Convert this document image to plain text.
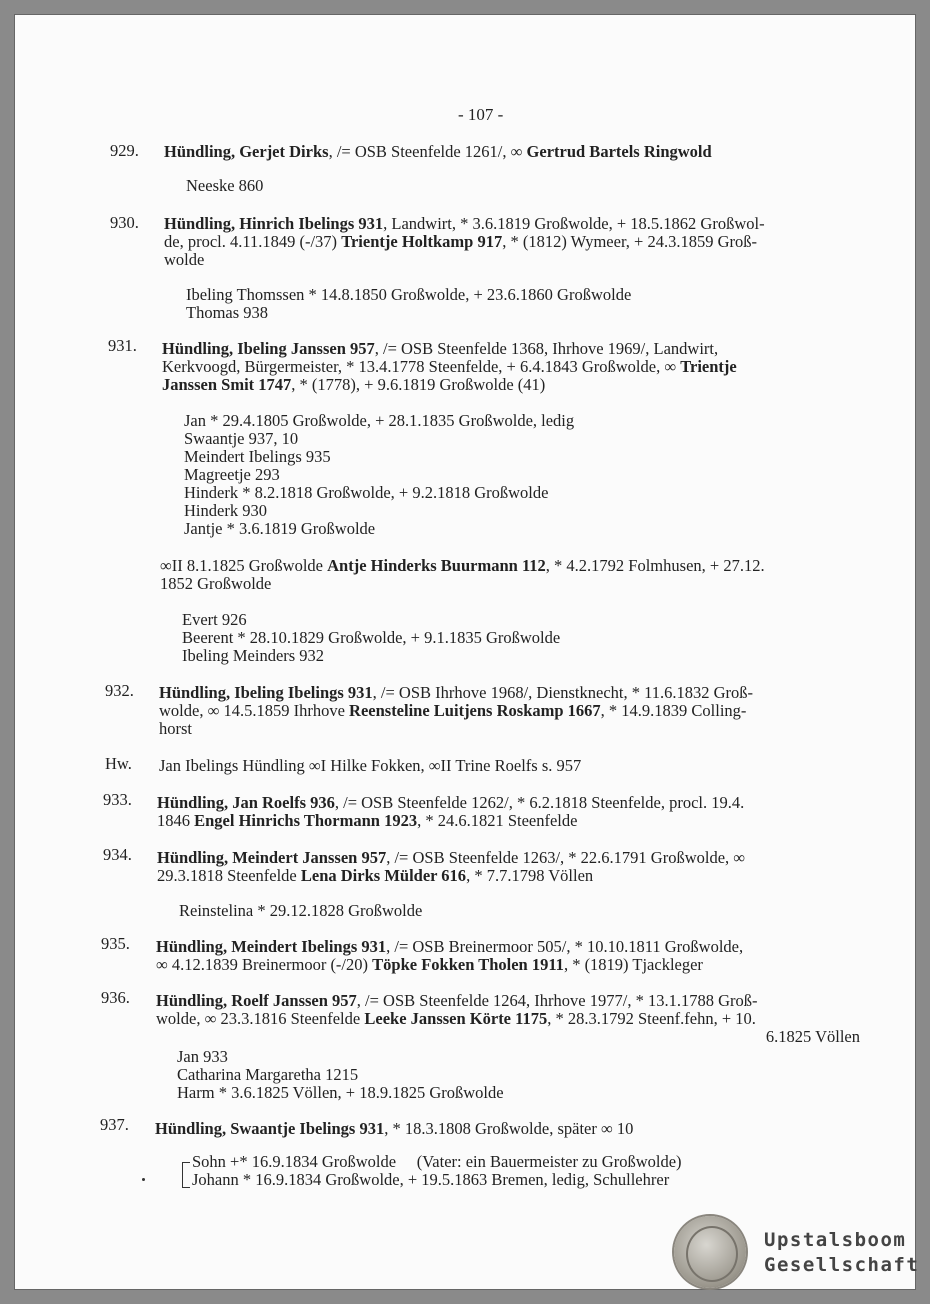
- 107 -
929. Hündling, Gerjet Dirks, /= OSB Steenfelde 1261/, ∞ Gertrud Bartels Ringwold
Neeske 860
930. Hündling, Hinrich Ibelings 931, Landwirt, * 3.6.1819 Großwolde, + 18.5.1862 Großwol-
de, procl. 4.11.1849 (-/37) Trientje Holtkamp 917, * (1812) Wymeer, + 24.3.1859 Groß-
wolde
Ibeling Thomssen * 14.8.1850 Großwolde, + 23.6.1860 Großwolde
Thomas 938
931. Hündling, Ibeling Janssen 957, /= OSB Steenfelde 1368, Ihrhove 1969/, Landwirt,
Kerkvoogd, Bürgermeister, * 13.4.1778 Steenfelde, + 6.4.1843 Großwolde, ∞ Trientje
Janssen Smit 1747, * (1778), + 9.6.1819 Großwolde (41)
Jan * 29.4.1805 Großwolde, + 28.1.1835 Großwolde, ledig
Swaantje 937, 10
Meindert Ibelings 935
Magreetje 293
Hinderk * 8.2.1818 Großwolde, + 9.2.1818 Großwolde
Hinderk 930
Jantje * 3.6.1819 Großwolde
∞II 8.1.1825 Großwolde Antje Hinderks Buurmann 112, * 4.2.1792 Folmhusen, + 27.12.
1852 Großwolde
Evert 926
Beerent * 28.10.1829 Großwolde, + 9.1.1835 Großwolde
Ibeling Meinders 932
932. Hündling, Ibeling Ibelings 931, /= OSB Ihrhove 1968/, Dienstknecht, * 11.6.1832 Groß-
wolde, ∞ 14.5.1859 Ihrhove Reensteline Luitjens Roskamp 1667, * 14.9.1839 Colling-
horst
Hw. Jan Ibelings Hündling ∞I Hilke Fokken, ∞II Trine Roelfs s. 957
933. Hündling, Jan Roelfs 936, /= OSB Steenfelde 1262/, * 6.2.1818 Steenfelde, procl. 19.4.
1846 Engel Hinrichs Thormann 1923, * 24.6.1821 Steenfelde
934. Hündling, Meindert Janssen 957, /= OSB Steenfelde 1263/, * 22.6.1791 Großwolde, ∞
29.3.1818 Steenfelde Lena Dirks Mülder 616, * 7.7.1798 Völlen
Reinstelina * 29.12.1828 Großwolde
935. Hündling, Meindert Ibelings 931, /= OSB Breinermoor 505/, * 10.10.1811 Großwolde,
∞ 4.12.1839 Breinermoor (-/20) Töpke Fokken Tholen 1911, * (1819) Tjackleger
936. Hündling, Roelf Janssen 957, /= OSB Steenfelde 1264, Ihrhove 1977/, * 13.1.1788 Groß-
wolde, ∞ 23.3.1816 Steenfelde Leeke Janssen Körte 1175, * 28.3.1792 Steenf.fehn, + 10.
6.1825 Völlen
Jan 933
Catharina Margaretha 1215
Harm * 3.6.1825 Völlen, + 18.9.1825 Großwolde
937. Hündling, Swaantje Ibelings 931, * 18.3.1808 Großwolde, später ∞ 10
Sohn +* 16.9.1834 Großwolde     (Vater: ein Bauermeister zu Großwolde)
Johann * 16.9.1834 Großwolde, + 19.5.1863 Bremen, ledig, Schullehrer
Upstalsboom
Gesellschaft
